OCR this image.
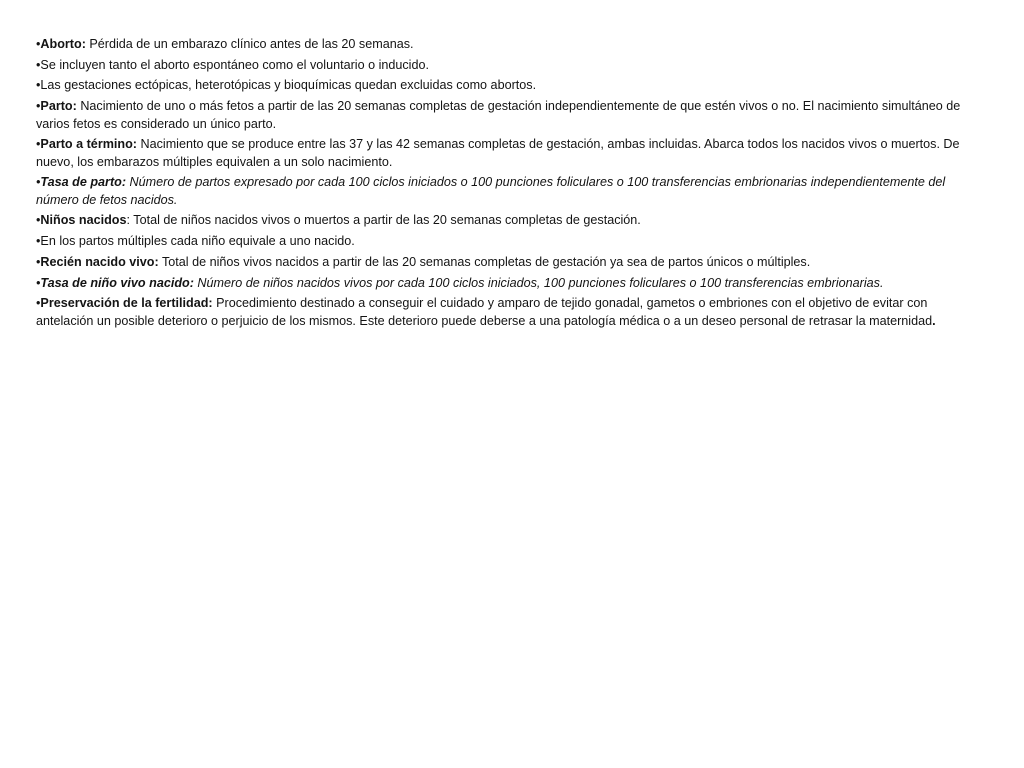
•Aborto: Pérdida de un embarazo clínico antes de las 20 semanas.

•Se incluyen tanto el aborto espontáneo como el voluntario o inducido.

•Las gestaciones ectópicas, heterotópicas y bioquímicas quedan excluidas como abortos.

•Parto: Nacimiento de uno o más fetos a partir de las 20 semanas completas de gestación independientemente de que estén vivos o no. El nacimiento simultáneo de varios fetos es considerado un único parto.

•Parto a término: Nacimiento que se produce entre las 37 y las 42 semanas completas de gestación, ambas incluidas. Abarca todos los nacidos vivos o muertos. De nuevo, los embarazos múltiples equivalen a un solo nacimiento.

•Tasa de parto: Número de partos expresado por cada 100 ciclos iniciados o 100 punciones foliculares o 100 transferencias embrionarias independientemente del número de fetos nacidos.

•Niños nacidos: Total de niños nacidos vivos o muertos a partir de las 20 semanas completas de gestación.

•En los partos múltiples cada niño equivale a uno nacido.

•Recién nacido vivo: Total de niños vivos nacidos a partir de las 20 semanas completas de gestación ya sea de partos únicos o múltiples.

•Tasa de niño vivo nacido: Número de niños nacidos vivos por cada 100 ciclos iniciados, 100 punciones foliculares o 100 transferencias embrionarias.

•Preservación de la fertilidad: Procedimiento destinado a conseguir el cuidado y amparo de tejido gonadal, gametos o embriones con el objetivo de evitar con antelación un posible deterioro o perjuicio de los mismos. Este deterioro puede deberse a una patología médica o a un deseo personal de retrasar la maternidad.
